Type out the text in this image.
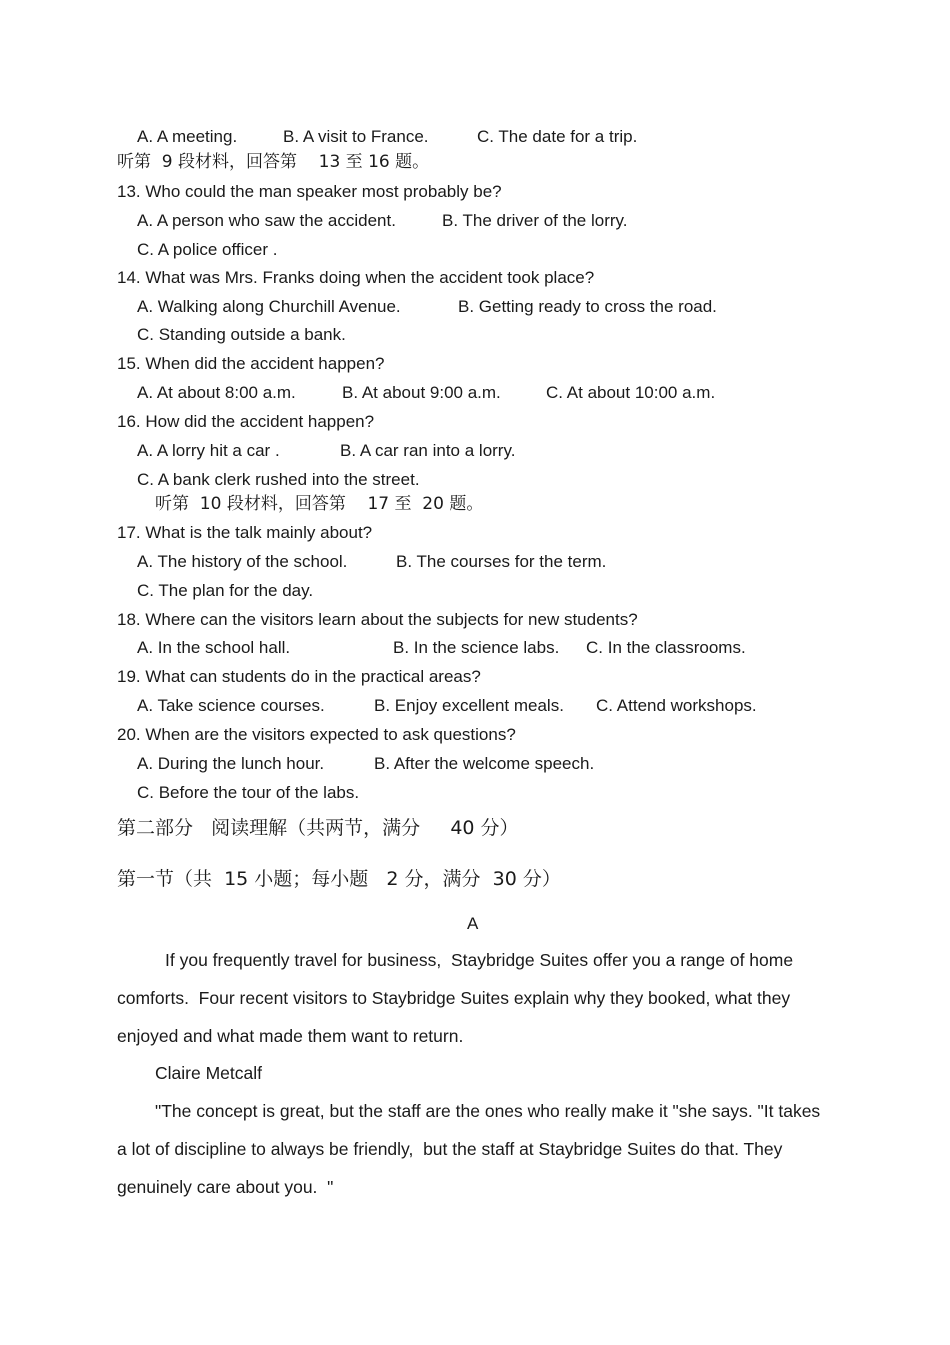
A. A meeting.	B. A visit to France.	C. The date for a trip.
听第  9 段材料，回答第    13 至 16 题。
13. Who could the man speaker most probably be?
A. A person who saw the accident.	B. The driver of the lorry.
C. A police officer .
14. What was Mrs. Franks doing when the accident took place?
A. Walking along Churchill Avenue.	B. Getting ready to cross the road.
C. Standing outside a bank.
15. When did the accident happen?
A. At about 8:00 a.m.	B. At about 9:00 a.m.	C. At about 10:00 a.m.
16. How did the accident happen?
A. A lorry hit a car .	B. A car ran into a lorry.
C. A bank clerk rushed into the street.
听第  10 段材料，回答第    17 至  20 题。
17. What is the talk mainly about?
A. The history of the school.	B. The courses for the term.
C. The plan for the day.
18. Where can the visitors learn about the subjects for new students?
A. In the school hall.	B. In the science labs. C. In the classrooms.
19. What can students do in the practical areas?
A. Take science courses.	B. Enjoy excellent meals. C. Attend workshops.
20. When are the visitors expected to ask questions?
A. During the lunch hour.	B. After the welcome speech.
C. Before the tour of the labs.
第二部分   阅读理解（共两节，满分     40 分）
第一节（共  15 小题；每小题   2 分，满分  30 分）
A
If you frequently travel for business,  Staybridge Suites offer you a range of home
comforts.  Four recent visitors to Staybridge Suites explain why they booked, what they
enjoyed and what made them want to return.
Claire Metcalf
"The concept is great, but the staff are the ones who really make it "she says. "It takes
a lot of discipline to always be friendly,  but the staff at Staybridge Suites do that. They
genuinely care about you.  "
